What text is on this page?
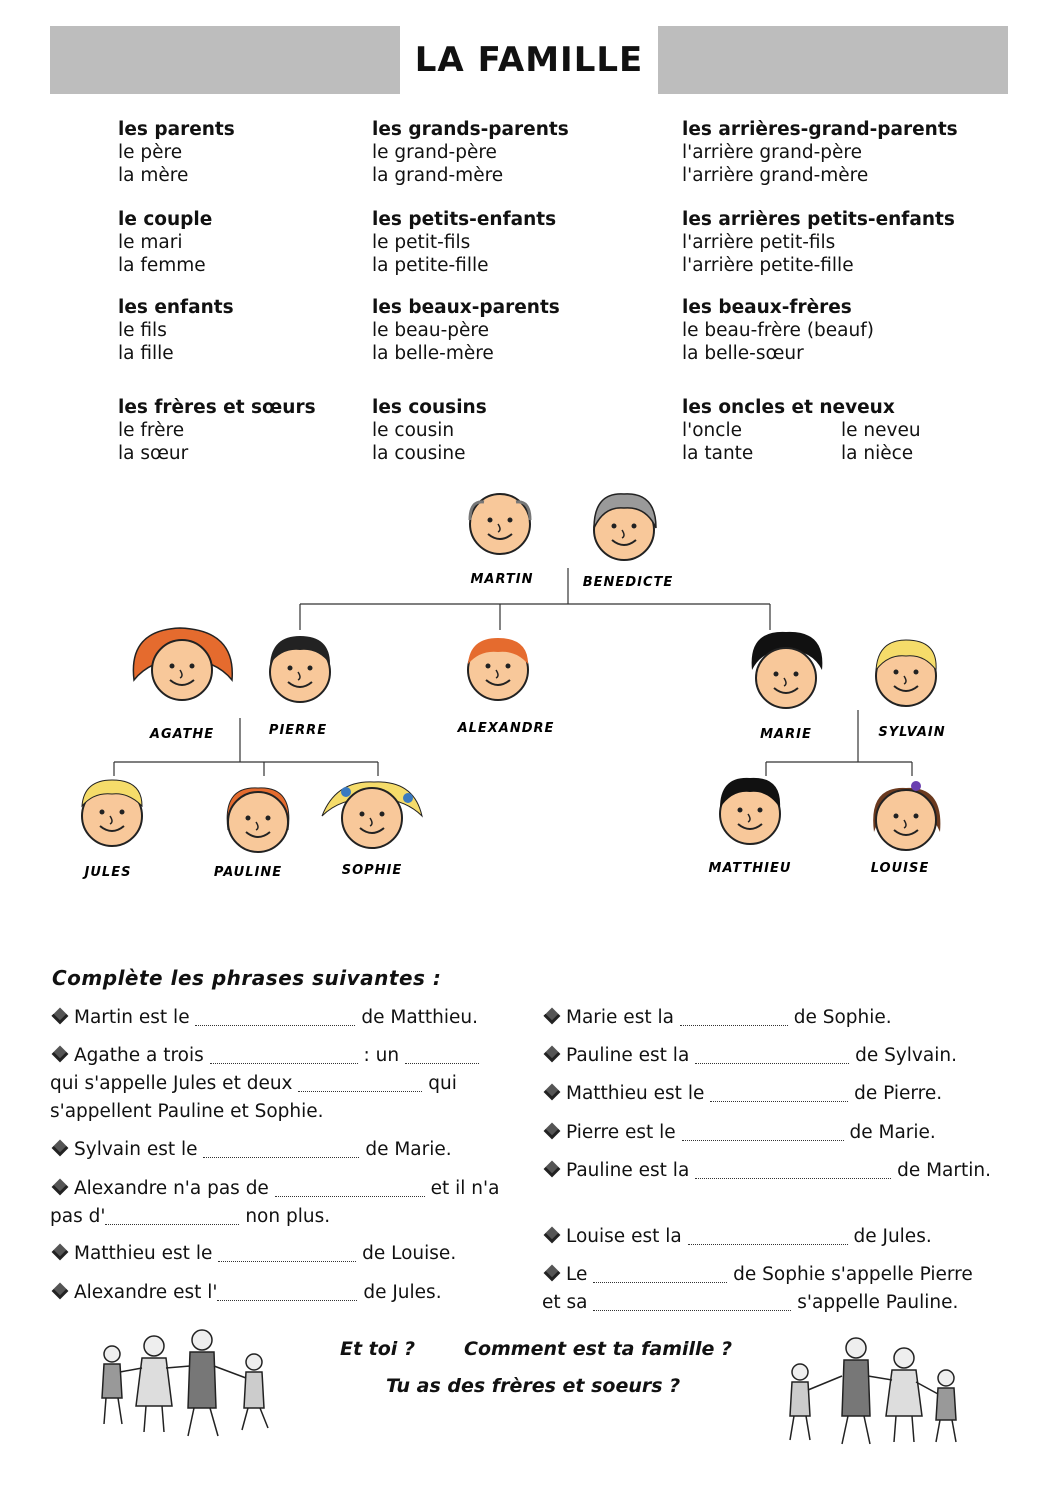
LA FAMILLE
les parents
le père
la mère
les grands-parents
le grand-père
la grand-mère
les arrières-grand-parents
l'arrière grand-père
l'arrière grand-mère
le couple
le mari
la femme
les petits-enfants
le petit-fils
la petite-fille
les arrières petits-enfants
l'arrière petit-fils
l'arrière petite-fille
les enfants
le fils
la fille
les beaux-parents
le beau-père
la belle-mère
les beaux-frères
le beau-frère (beauf)
la belle-sœur
les frères et sœurs
le frère
la sœur
les cousins
le cousin
la cousine
les oncles et neveux
l'oncle	le neveu
la tante	la nièce
MARTIN	BENEDICTE
AGATHE	PIERRE	ALEXANDRE	MARIE	SYLVAIN
JULES	PAULINE	SOPHIE	MATTHIEU	LOUISE
Complète les phrases suivantes :
Martin est le	de Matthieu.
Agathe a trois	: un
qui s'appelle Jules et deux	qui
s'appellent Pauline et Sophie.
Sylvain est le	de Marie.
Alexandre n'a pas de	et il n'a
pas d'	non plus.
Matthieu est le	de Louise.
Alexandre est l'	de Jules.
Marie est la	de Sophie.
Pauline est la	de Sylvain.
Matthieu est le	de Pierre.
Pierre est le	de Marie.
Pauline est la	de Martin.
Louise est la	de Jules.
Le	de Sophie s'appelle Pierre
et sa	s'appelle Pauline.
Et toi ?	Comment est ta famille ?
Tu as des frères et soeurs ?
